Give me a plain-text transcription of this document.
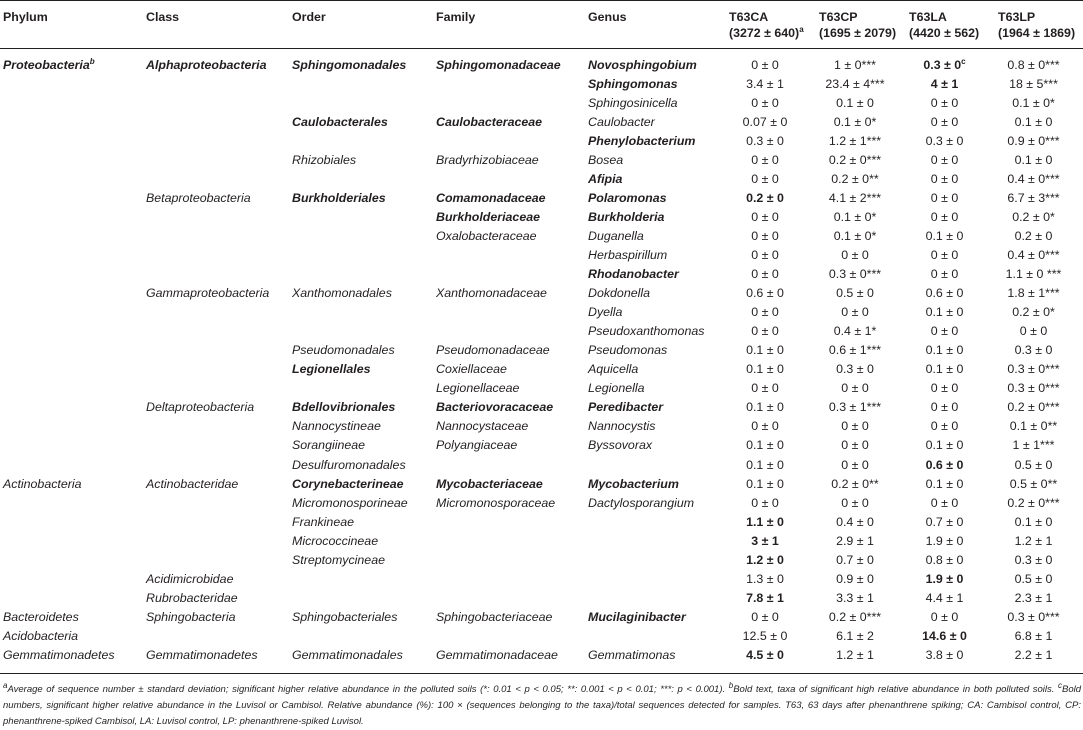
Phylum	Class	Order	Family	Genus	T63CA	T63CP	T63LA	T63LP
					$(3272 \pm 640)^a$	(1695 ± 2079)	(4420 ± 562)	(1964 ± 1869)
Proteobacteria$^b$	Alphaproteobacteria	Sphingomonadales	Sphingomonadaceae	Novosphingobium	0 ± 0	1 ± 0***	$0.3 \pm 0^c$	0.8 ± 0***
				Sphingomonas	3.4 ± 1	23.4 ± 4***	4 ± 1	18 ± 5***
				Sphingosinicella	0 ± 0	0.1 ± 0	0 ± 0	0.1 ± 0*
		Caulobacterales	Caulobacteraceae	Caulobacter	0.07 ± 0	0.1 ± 0*	0 ± 0	0.1 ± 0
				Phenylobacterium	0.3 ± 0	1.2 ± 1***	0.3 ± 0	0.9 ± 0***
		Rhizobiales	Bradyrhizobiaceae	Bosea	0 ± 0	0.2 ± 0***	0 ± 0	0.1 ± 0
				Afipia	0 ± 0	0.2 ± 0**	0 ± 0	0.4 ± 0***
	Betaproteobacteria	Burkholderiales	Comamonadaceae	Polaromonas	0.2 ± 0	4.1 ± 2***	0 ± 0	6.7 ± 3***
			Burkholderiaceae	Burkholderia	0 ± 0	0.1 ± 0*	0 ± 0	0.2 ± 0*
			Oxalobacteraceae	Duganella	0 ± 0	0.1 ± 0*	0.1 ± 0	0.2 ± 0
				Herbaspirillum	0 ± 0	0 ± 0	0 ± 0	0.4 ± 0***
				Rhodanobacter	0 ± 0	0.3 ± 0***	0 ± 0	1.1 ± 0 ***
	Gammaproteobacteria	Xanthomonadales	Xanthomonadaceae	Dokdonella	0.6 ± 0	0.5 ± 0	0.6 ± 0	1.8 ± 1***
				Dyella	0 ± 0	0 ± 0	0.1 ± 0	0.2 ± 0*
				Pseudoxanthomonas	0 ± 0	0.4 ± 1*	0 ± 0	0 ± 0
		Pseudomonadales	Pseudomonadaceae	Pseudomonas	0.1 ± 0	0.6 ± 1***	0.1 ± 0	0.3 ± 0
		Legionellales	Coxiellaceae	Aquicella	0.1 ± 0	0.3 ± 0	0.1 ± 0	0.3 ± 0***
			Legionellaceae	Legionella	0 ± 0	0 ± 0	0 ± 0	0.3 ± 0***
	Deltaproteobacteria	Bdellovibrionales	Bacteriovoracaceae	Peredibacter	0.1 ± 0	0.3 ± 1***	0 ± 0	0.2 ± 0***
		Nannocystineae	Nannocystaceae	Nannocystis	0 ± 0	0 ± 0	0 ± 0	0.1 ± 0**
		Sorangiineae	Polyangiaceae	Byssovorax	0.1 ± 0	0 ± 0	0.1 ± 0	1 ± 1***
		Desulfuromonadales			0.1 ± 0	0 ± 0	0.6 ± 0	0.5 ± 0
Actinobacteria	Actinobacteridae	Corynebacterineae	Mycobacteriaceae	Mycobacterium	0.1 ± 0	0.2 ± 0**	0.1 ± 0	0.5 ± 0**
		Micromonosporineae	Micromonosporaceae	Dactylosporangium	0 ± 0	0 ± 0	0 ± 0	0.2 ± 0***
		Frankineae			1.1 ± 0	0.4 ± 0	0.7 ± 0	0.1 ± 0
		Micrococcineae			3 ± 1	2.9 ± 1	1.9 ± 0	1.2 ± 1
		Streptomycineae			1.2 ± 0	0.7 ± 0	0.8 ± 0	0.3 ± 0
	Acidimicrobidae				1.3 ± 0	0.9 ± 0	1.9 ± 0	0.5 ± 0
	Rubrobacteridae				7.8 ± 1	3.3 ± 1	4.4 ± 1	2.3 ± 1
Bacteroidetes	Sphingobacteria	Sphingobacteriales	Sphingobacteriaceae	Mucilaginibacter	0 ± 0	0.2 ± 0***	0 ± 0	0.3 ± 0***
Acidobacteria					12.5 ± 0	6.1 ± 2	14.6 ± 0	6.8 ± 1
Gemmatimonadetes	Gemmatimonadetes	Gemmatimonadales	Gemmatimonadaceae	Gemmatimonas	4.5 ± 0	1.2 ± 1	3.8 ± 0	2.2 ± 1
$^a$Average of sequence number ± standard deviation; significant higher relative abundance in the polluted soils (*: 0.01 < p < 0.05; **: 0.001 < p < 0.01; ***: p < 0.001). $^b$Bold text, taxa of significant high relative abundance in both polluted soils. $^c$Bold numbers, significant higher relative abundance in the Luvisol or Cambisol. Relative abundance (%): 100 × (sequences belonging to the taxa)/total sequences detected for samples. T63, 63 days after phenanthrene spiking; CA: Cambisol control, CP: phenanthrene-spiked Cambisol, LA: Luvisol control, LP: phenanthrene-spiked Luvisol.
